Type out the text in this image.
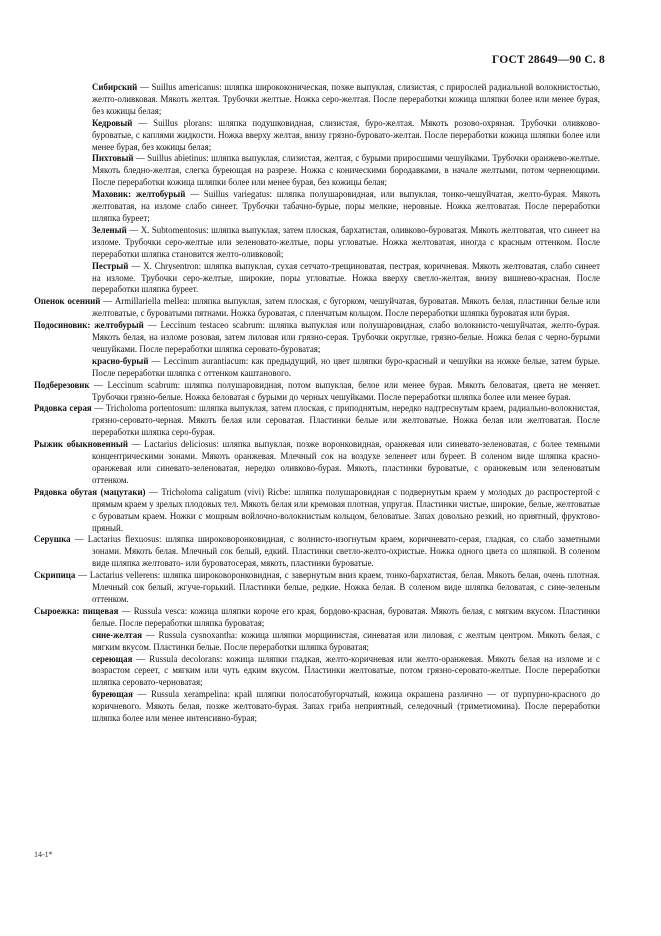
ГОСТ 28649—90 С. 8

Сибирский — Suillus americanus: шляпка ширококоническая, позже выпуклая, слизистая, с прирослей радиальной волокнистостью, желто-оливковая. Мякоть желтая. Трубочки желтые. Ножка серо-желтая. После переработки кожица шляпки более или менее бурая, без кожицы белая;

Кедровый — Suillus plorans: шляпка подушковидная, слизистая, буро-желтая. Мякоть розово-охряная. Трубочки оливково-буроватые, с каплями жидкости. Ножка вверху желтая, внизу грязно-буровато-желтая. После переработки кожица шляпки более или менее бурая, без кожицы белая;

Пихтовый — Suillus abietinus: шляпка выпуклая, слизистая, желтая, с бурыми приросшими чешуйками. Трубочки оранжево-желтые. Мякоть бледно-желтая, слегка буреющая на разрезе. Ножка с коническими бородавками, в начале желтыми, потом чернеющими. После переработки кожица шляпки более или менее бурая, без кожицы белая;

Маховик: желтобурый — Suillus variegatus: шляпка полушаровидная, или выпуклая, тонко-чешуйчатая, желто-бурая. Мякоть желтоватая, на изломе слабо синеет. Трубочки табачно-бурые, поры мелкие, неровные. Ножка желтоватая. После переработки шляпка буреет;

Зеленый — X. Subtomentosus: шляпка выпуклая, затем плоская, бархатистая, оливково-буроватая. Мякоть желтоватая, что синеет на изломе. Трубочки серо-желтые или зеленовато-желтые, поры угловатые. Ножка желтоватая, иногда с красным оттенком. После переработки шляпка становится желто-оливковой;

Пестрый — X. Chrysentron: шляпка выпуклая, сухая сетчато-трещиноватая, пестрая, коричневая. Мякоть желтоватая, слабо синеет на изломе. Трубочки серо-желтые, широкие, поры угловатые. Ножка вверху светло-желтая, внизу вишнево-красная. После переработки шляпка буреет.

Опенок осенний — Armillariella mellea: шляпка выпуклая, затем плоская, с бугорком, чешуйчатая, буроватая. Мякоть белая, пластинки белые или желтоватые, с буроватыми пятнами. Ножка буроватая, с пленчатым кольцом. После переработки шляпка буроватая или бурая.

Подосиновик: желтобурый — Leccinum testaceo scabrum: шляпка выпуклая или полушаровидная, слабо волокнисто-чешуйчатая, желто-бурая. Мякоть белая, на изломе розовая, затем лиловая или грязно-серая. Трубочки округлые, грязно-белые. Ножка белая с черно-бурыми чешуйками. После переработки шляпка серовато-буроватая;

красно-бурый — Leccinum aurantiacum: как предыдущий, но цвет шляпки буро-красный и чешуйки на ножке белые, затем бурые. После переработки шляпка с оттенком каштанового.

Подберезовик — Leccinum scabrum: шляпка полушаровидная, потом выпуклая, белое или менее бурая. Мякоть беловатая, цвета не меняет. Трубочки грязно-белые. Ножка беловатая с бурыми до черных чешуйками. После переработки шляпка более или менее бурая.

Рядовка серая — Tricholoma portentosum: шляпка выпуклая, затем плоская, с приподнятым, нередко надтреснутым краем, радиально-волокнистая, грязно-серовато-черная. Мякоть белая или сероватая. Пластинки белые или желтоватые. Ножка белая или желтоватая. После переработки шляпка серо-бурая.

Рыжик обыкновенный — Lactarius deliciosus: шляпка выпуклая, позже воронковидная, оранжевая или синевато-зеленоватая, с более темными концентрическими зонами. Мякоть оранжевая. Млечный сок на воздухе зеленеет или буреет. В соленом виде шляпка красно-оранжевая или синевато-зеленоватая, нередко оливково-бурая. Мякоть, пластинки буроватые, с оранжевым или зеленоватым оттенком.

Рядовка обутая (мацутаки) — Tricholoma caligatum (vivi) Ricbe: шляпка полушаровидная с подвернутым краем у молодых до распростертой с прямым краем у зрелых плодовых тел. Мякоть белая или кремовая плотная, упругая. Пластинки чистые, широкие, белые, желтоватые с буроватым краем. Ножки с мощным войлочно-волокнистым кольцом, беловатые. Запах довольно резкий, но приятный, фруктово-пряный.

Серушка — Lactarius flexuosus: шляпка широковоронковидная, с волнисто-изогнутым краем, коричневато-серая, гладкая, со слабо заметными зонами. Мякоть белая. Млечный сок белый, едкий. Пластинки светло-желто-охристые. Ножка одного цвета со шляпкой. В соленом виде шляпка желтовато- или буроватосерая, мякоть, пластинки буроватые.

Скрипица — Lactarius vellerens: шляпка широковоронковидная, с завернутым вниз краем, тонко-бархатистая, белая. Мякоть белая, очень плотная. Млечный сок белый, жгуче-горький. Пластинки белые, редкие. Ножка белая. В соленом виде шляпка беловатая, с сине-зеленым оттенком.

Сыроежка: пищевая — Russula vesca: кожица шляпки короче его края, бордово-красная, буроватая. Мякоть белая, с мягким вкусом. Пластинки белые. После переработки шляпка буроватая;

сине-желтая — Russula cysnoxantha: кожица шляпки морщинистая, синеватая или лиловая, с желтым центром. Мякоть белая, с мягким вкусом. Пластинки белые. После переработки шляпка буроватая;

сереющая — Russula decolorans: кожица шляпки гладкая, желто-коричневая или желто-оранжевая. Мякоть белая на изломе и с возрастом сереет, с мягким или чуть едким вкусом. Пластинки желтоватые, потом грязно-серовато-желтые. После переработки шляпка серовато-черноватая;

буреющая — Russula xerampelina: край шляпки полосатобугорчатый, кожица окрашена различно — от пурпурно-красного до коричневого. Мякоть белая, позже желтовато-бурая. Запах гриба неприятный, селедочный (триметиомина). После переработки шляпка более или менее интенсивно-бурая;

14-1*
